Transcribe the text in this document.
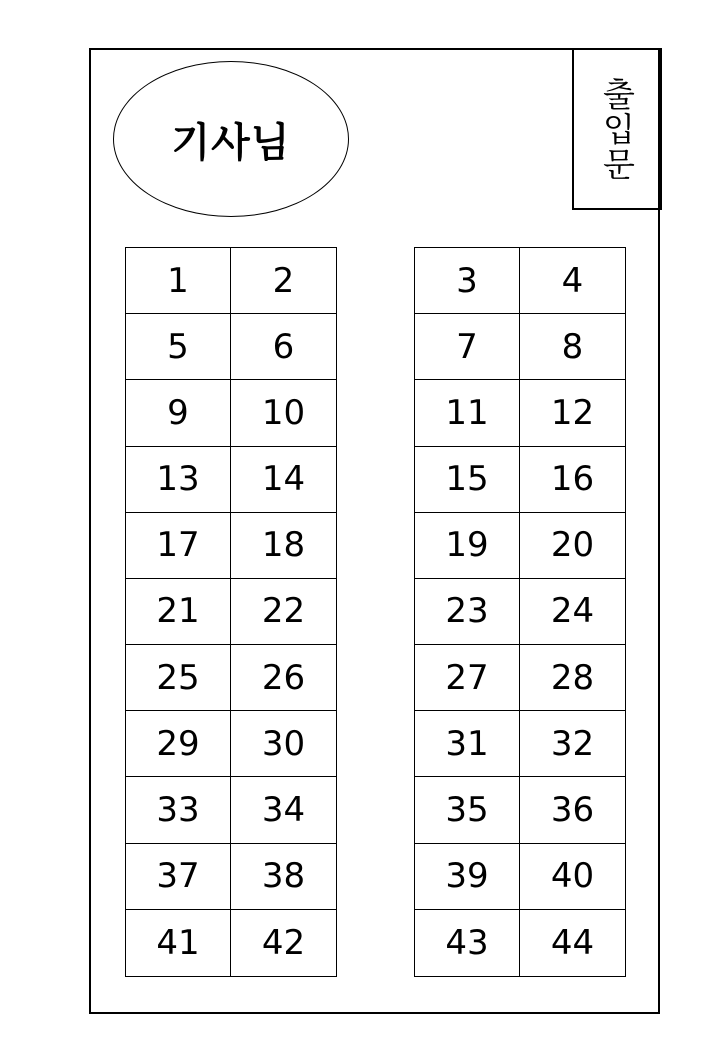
기사님	출입문
1	2
5	6
9	10
13	14
17	18
21	22
25	26
29	30
33	34
37	38
41	42
3	4
7	8
11	12
15	16
19	20
23	24
27	28
31	32
35	36
39	40
43	44
